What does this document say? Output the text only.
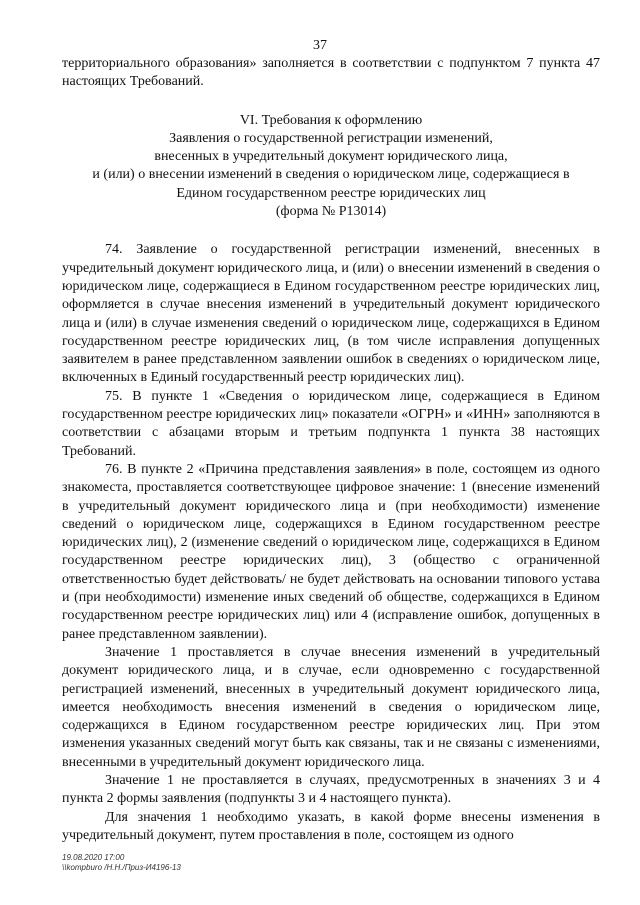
37

территориального образования» заполняется в соответствии с подпунктом 7 пункта 47 настоящих Требований.

VI. Требования к оформлению
Заявления о государственной регистрации изменений,
внесенных в учредительный документ юридического лица,
и (или) о внесении изменений в сведения о юридическом лице, содержащиеся в
Едином государственном реестре юридических лиц
(форма № Р13014)

74. Заявление о государственной регистрации изменений, внесенных в учредительный документ юридического лица, и (или) о внесении изменений в сведения о юридическом лице, содержащиеся в Едином государственном реестре юридических лиц, оформляется в случае внесения изменений в учредительный документ юридического лица и (или) в случае изменения сведений о юридическом лице, содержащихся в Едином государственном реестре юридических лиц, (в том числе исправления допущенных заявителем в ранее представленном заявлении ошибок в сведениях о юридическом лице, включенных в Единый государственный реестр юридических лиц).

75. В пункте 1 «Сведения о юридическом лице, содержащиеся в Едином государственном реестре юридических лиц» показатели «ОГРН» и «ИНН» заполняются в соответствии с абзацами вторым и третьим подпункта 1 пункта 38 настоящих Требований.

76. В пункте 2 «Причина представления заявления» в поле, состоящем из одного знакоместа, проставляется соответствующее цифровое значение: 1 (внесение изменений в учредительный документ юридического лица и (при необходимости) изменение сведений о юридическом лице, содержащихся в Едином государственном реестре юридических лиц), 2 (изменение сведений о юридическом лице, содержащихся в Едином государственном реестре юридических лиц), 3 (общество с ограниченной ответственностью будет действовать/ не будет действовать на основании типового устава и (при необходимости) изменение иных сведений об обществе, содержащихся в Едином государственном реестре юридических лиц) или 4 (исправление ошибок, допущенных в ранее представленном заявлении).

Значение 1 проставляется в случае внесения изменений в учредительный документ юридического лица, и в случае, если одновременно с государственной регистрацией изменений, внесенных в учредительный документ юридического лица, имеется необходимость внесения изменений в сведения о юридическом лице, содержащихся в Едином государственном реестре юридических лиц. При этом изменения указанных сведений могут быть как связаны, так и не связаны с изменениями, внесенными в учредительный документ юридического лица.

Значение 1 не проставляется в случаях, предусмотренных в значениях 3 и 4 пункта 2 формы заявления (подпункты 3 и 4 настоящего пункта).

Для значения 1 необходимо указать, в какой форме внесены изменения в учредительный документ, путем проставления в поле, состоящем из одного

19.08.2020 17:00
\\kompburo /Н.Н./Приз-И4196-13
